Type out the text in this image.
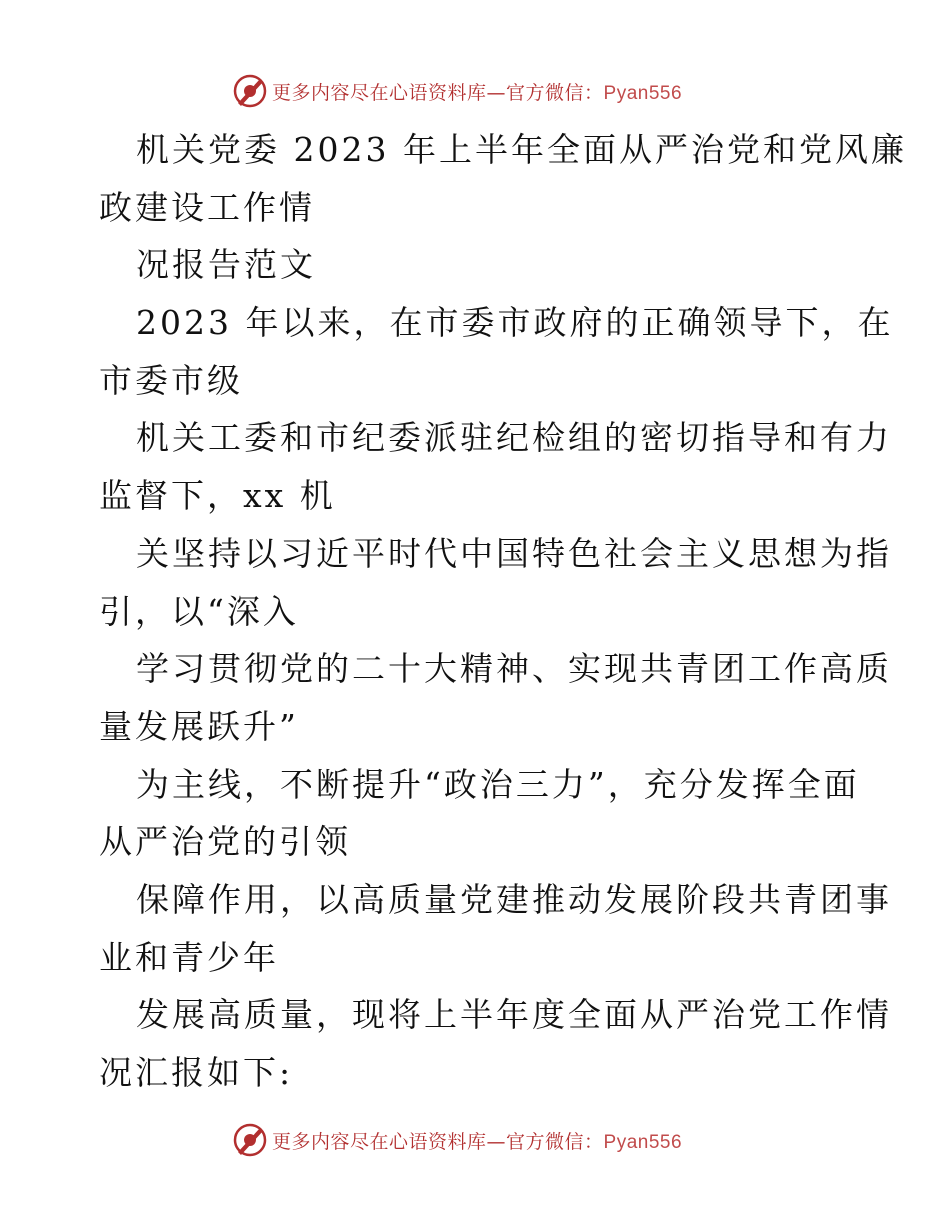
更多内容尽在心语资料库—官方微信：Pyan556
机关党委 2023 年上半年全面从严治党和党风廉
政建设工作情
况报告范文
2023 年以来，在市委市政府的正确领导下，在
市委市级
机关工委和市纪委派驻纪检组的密切指导和有力
监督下，xx 机
关坚持以习近平时代中国特色社会主义思想为指
引，以“深入
学习贯彻党的二十大精神、实现共青团工作高质
量发展跃升”
为主线，不断提升“政治三力”，充分发挥全面
从严治党的引领
保障作用，以高质量党建推动发展阶段共青团事
业和青少年
发展高质量，现将上半年度全面从严治党工作情
况汇报如下:
更多内容尽在心语资料库—官方微信：Pyan556
